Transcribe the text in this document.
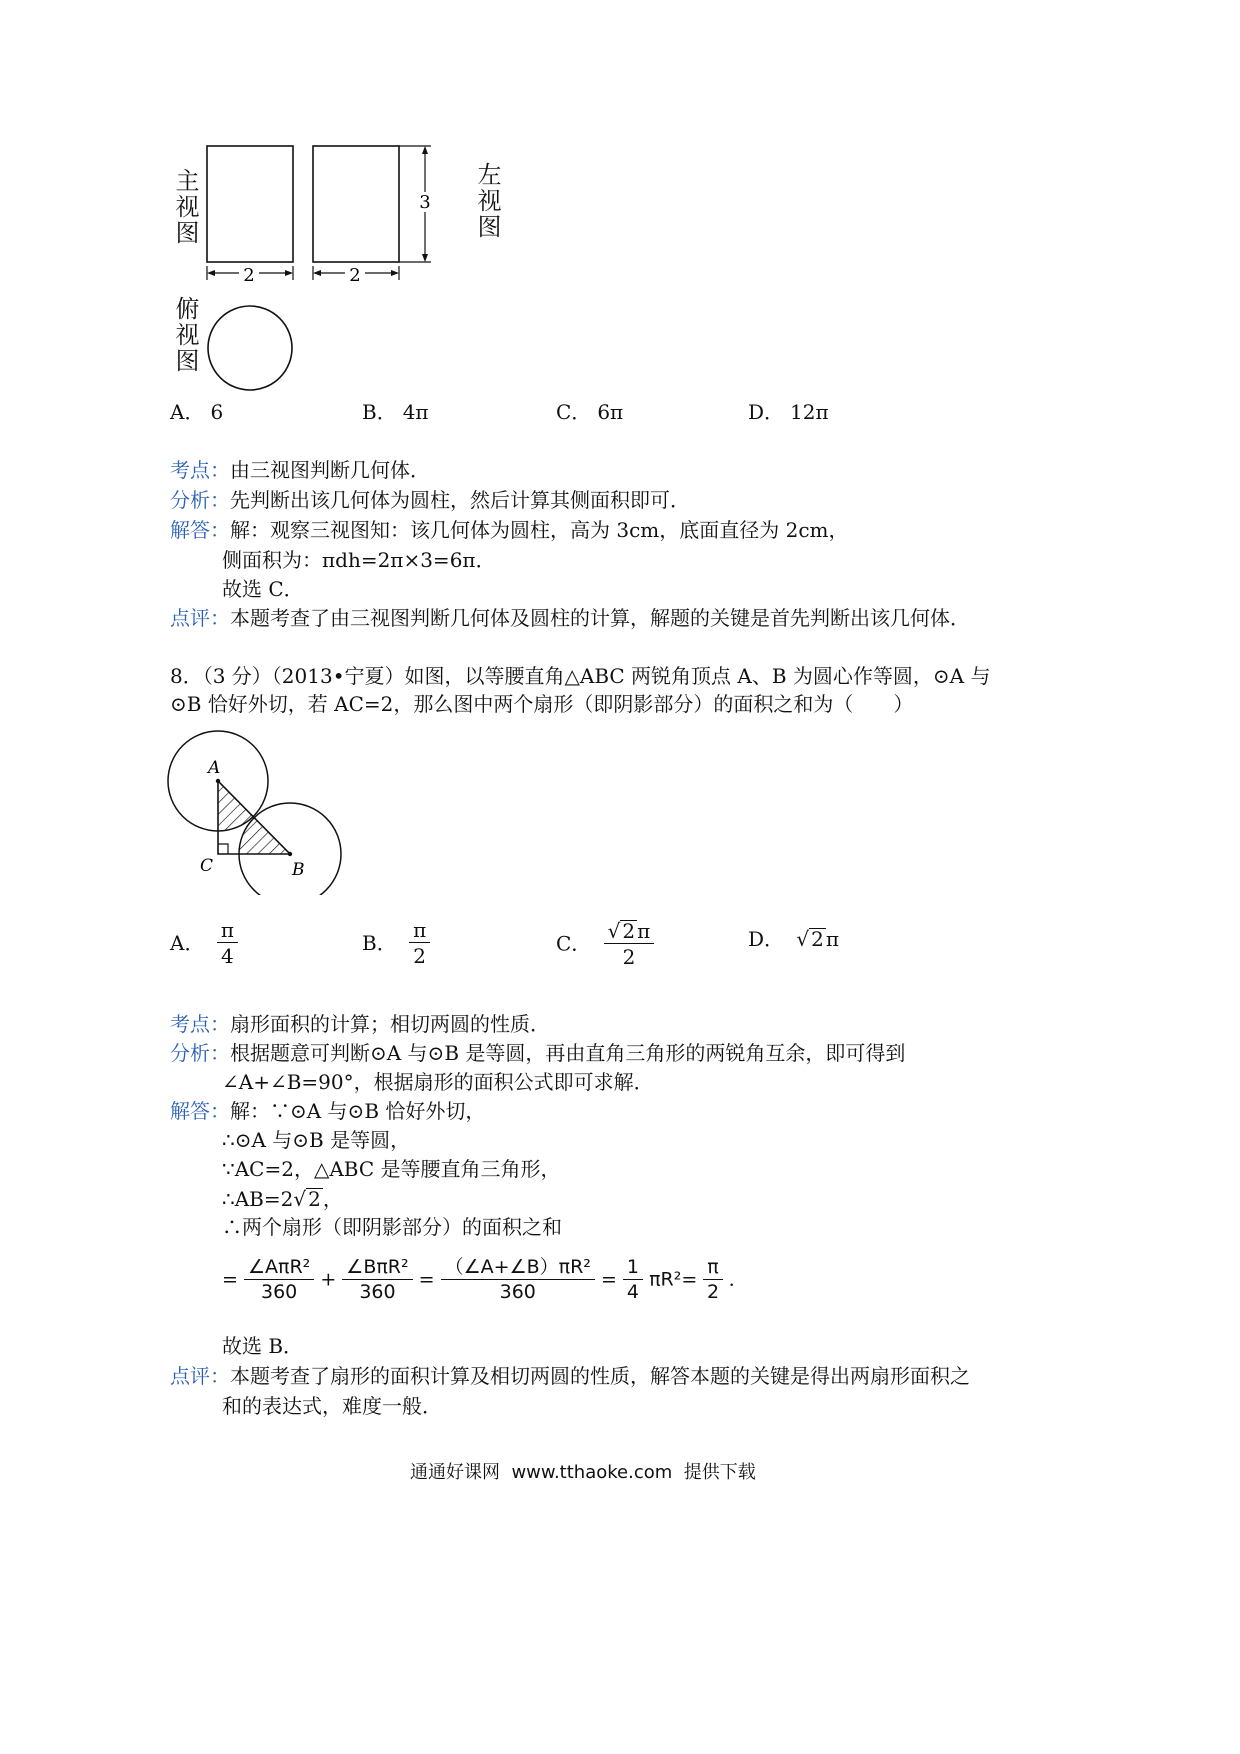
主视图	左视图
俯视图
2	2
3
A． 6	B． 4π	C． 6π	D． 12π
考点：由三视图判断几何体．
分析：先判断出该几何体为圆柱，然后计算其侧面积即可．
解答：解：观察三视图知：该几何体为圆柱，高为 3cm，底面直径为 2cm，
侧面积为：πdh=2π×3=6π．
故选 C．
点评：本题考查了由三视图判断几何体及圆柱的计算，解题的关键是首先判断出该几何体．
8．（3 分）（2013•宁夏）如图，以等腰直角△ABC 两锐角顶点 A、B 为圆心作等圆，⊙A 与
⊙B 恰好外切，若 AC=2，那么图中两个扇形（即阴影部分）的面积之和为（　　）
A
C	B
A． $\frac{\pi}{4}$	B． $\frac{\pi}{2}$	C． $\frac{√ 2 \pi}{2}$	D． √ 2 π
考点：扇形面积的计算；相切两圆的性质．
分析：根据题意可判断⊙A 与⊙B 是等圆，再由直角三角形的两锐角互余，即可得到
∠A+∠B=90°，根据扇形的面积公式即可求解．
解答：解：∵⊙A 与⊙B 恰好外切，
∴⊙A 与⊙B 是等圆，
∵AC=2，△ABC 是等腰直角三角形，
∴AB=2√ 2 ，
∴两个扇形（即阴影部分）的面积之和
= $\frac{\text{∠AπR²}}{360} + \frac{\text{∠BπR²}}{360} = \frac{\text{（∠A+∠B）πR²}}{360} = \frac{1}{4} \pi R^2= \frac{\pi}{2}$ ．
故选 B．
点评：本题考查了扇形的面积计算及相切两圆的性质，解答本题的关键是得出两扇形面积之
和的表达式，难度一般．
通通好课网  www.tthaoke.com  提供下载
